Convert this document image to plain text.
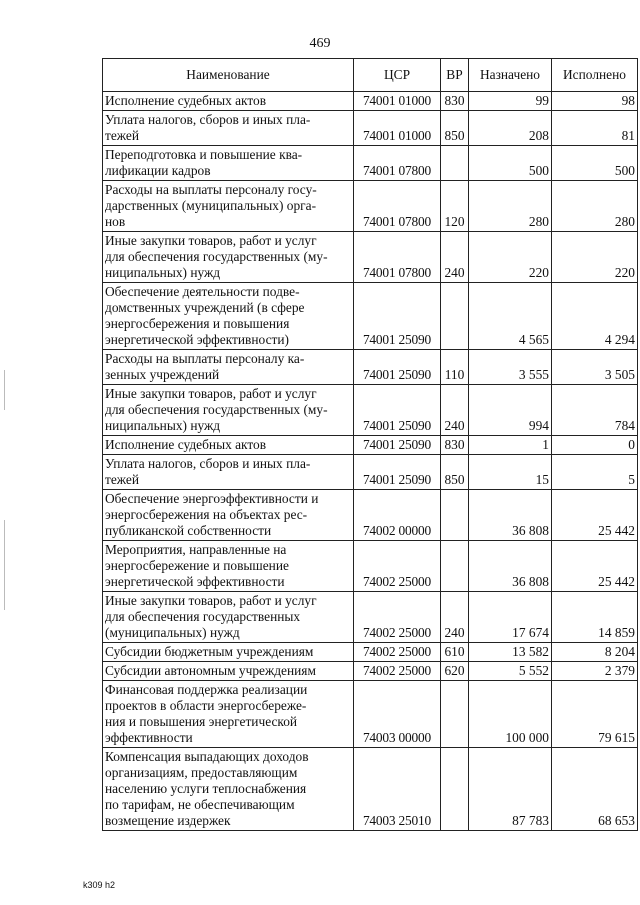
469
Наименование	ЦСР	ВР	Назначено	Исполнено
Исполнение судебных актов	74001 01000	830	99	98
Уплата налогов, сборов и иных пла-
тежей	74001 01000	850	208	81
Переподготовка и повышение ква-
лификации кадров	74001 07800		500	500
Расходы на выплаты персоналу госу-
дарственных (муниципальных) орга-
нов	74001 07800	120	280	280
Иные закупки товаров, работ и услуг
для обеспечения государственных (му-
ниципальных) нужд	74001 07800	240	220	220
Обеспечение деятельности подве-
домственных учреждений (в сфере
энергосбережения и повышения
энергетической эффективности)	74001 25090		4 565	4 294
Расходы на выплаты персоналу ка-
зенных учреждений	74001 25090	110	3 555	3 505
Иные закупки товаров, работ и услуг
для обеспечения государственных (му-
ниципальных) нужд	74001 25090	240	994	784
Исполнение судебных актов	74001 25090	830	1	0
Уплата налогов, сборов и иных пла-
тежей	74001 25090	850	15	5
Обеспечение энергоэффективности и
энергосбережения на объектах рес-
публиканской собственности	74002 00000		36 808	25 442
Мероприятия, направленные на
энергосбережение и повышение
энергетической эффективности	74002 25000		36 808	25 442
Иные закупки товаров, работ и услуг
для обеспечения государственных
(муниципальных) нужд	74002 25000	240	17 674	14 859
Субсидии бюджетным учреждениям	74002 25000	610	13 582	8 204
Субсидии автономным учреждениям	74002 25000	620	5 552	2 379
Финансовая поддержка реализации
проектов в области энергосбереже-
ния и повышения энергетической
эффективности	74003 00000		100 000	79 615
Компенсация выпадающих доходов
организациям, предоставляющим
населению услуги теплоснабжения
по тарифам, не обеспечивающим
возмещение издержек	74003 25010		87 783	68 653
k309 h2
